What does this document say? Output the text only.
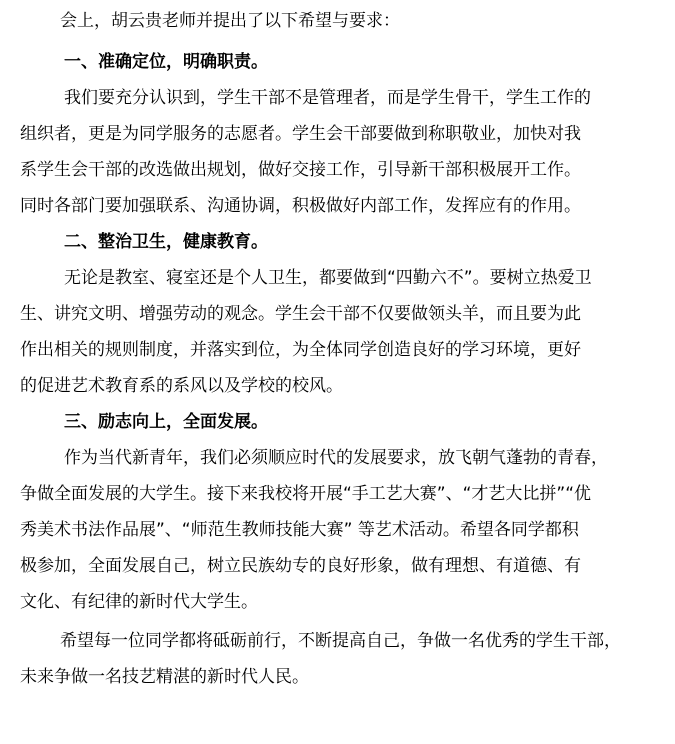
会上，胡云贵老师并提出了以下希望与要求：
一、准确定位，明确职责。
我们要充分认识到，学生干部不是管理者，而是学生骨干，学生工作的
组织者，更是为同学服务的志愿者。学生会干部要做到称职敬业，加快对我
系学生会干部的改选做出规划，做好交接工作，引导新干部积极展开工作。
同时各部门要加强联系、沟通协调，积极做好内部工作，发挥应有的作用。
二、整治卫生，健康教育。
无论是教室、寝室还是个人卫生，都要做到“四勤六不”。要树立热爱卫
生、讲究文明、增强劳动的观念。学生会干部不仅要做领头羊，而且要为此
作出相关的规则制度，并落实到位，为全体同学创造良好的学习环境，更好
的促进艺术教育系的系风以及学校的校风。
三、励志向上，全面发展。
作为当代新青年，我们必须顺应时代的发展要求，放飞朝气蓬勃的青春，
争做全面发展的大学生。接下来我校将开展“手工艺大赛”、“才艺大比拼”“优
秀美术书法作品展”、“师范生教师技能大赛” 等艺术活动。希望各同学都积
极参加，全面发展自己，树立民族幼专的良好形象，做有理想、有道德、有
文化、有纪律的新时代大学生。
希望每一位同学都将砥砺前行，不断提高自己，争做一名优秀的学生干部，
未来争做一名技艺精湛的新时代人民。
